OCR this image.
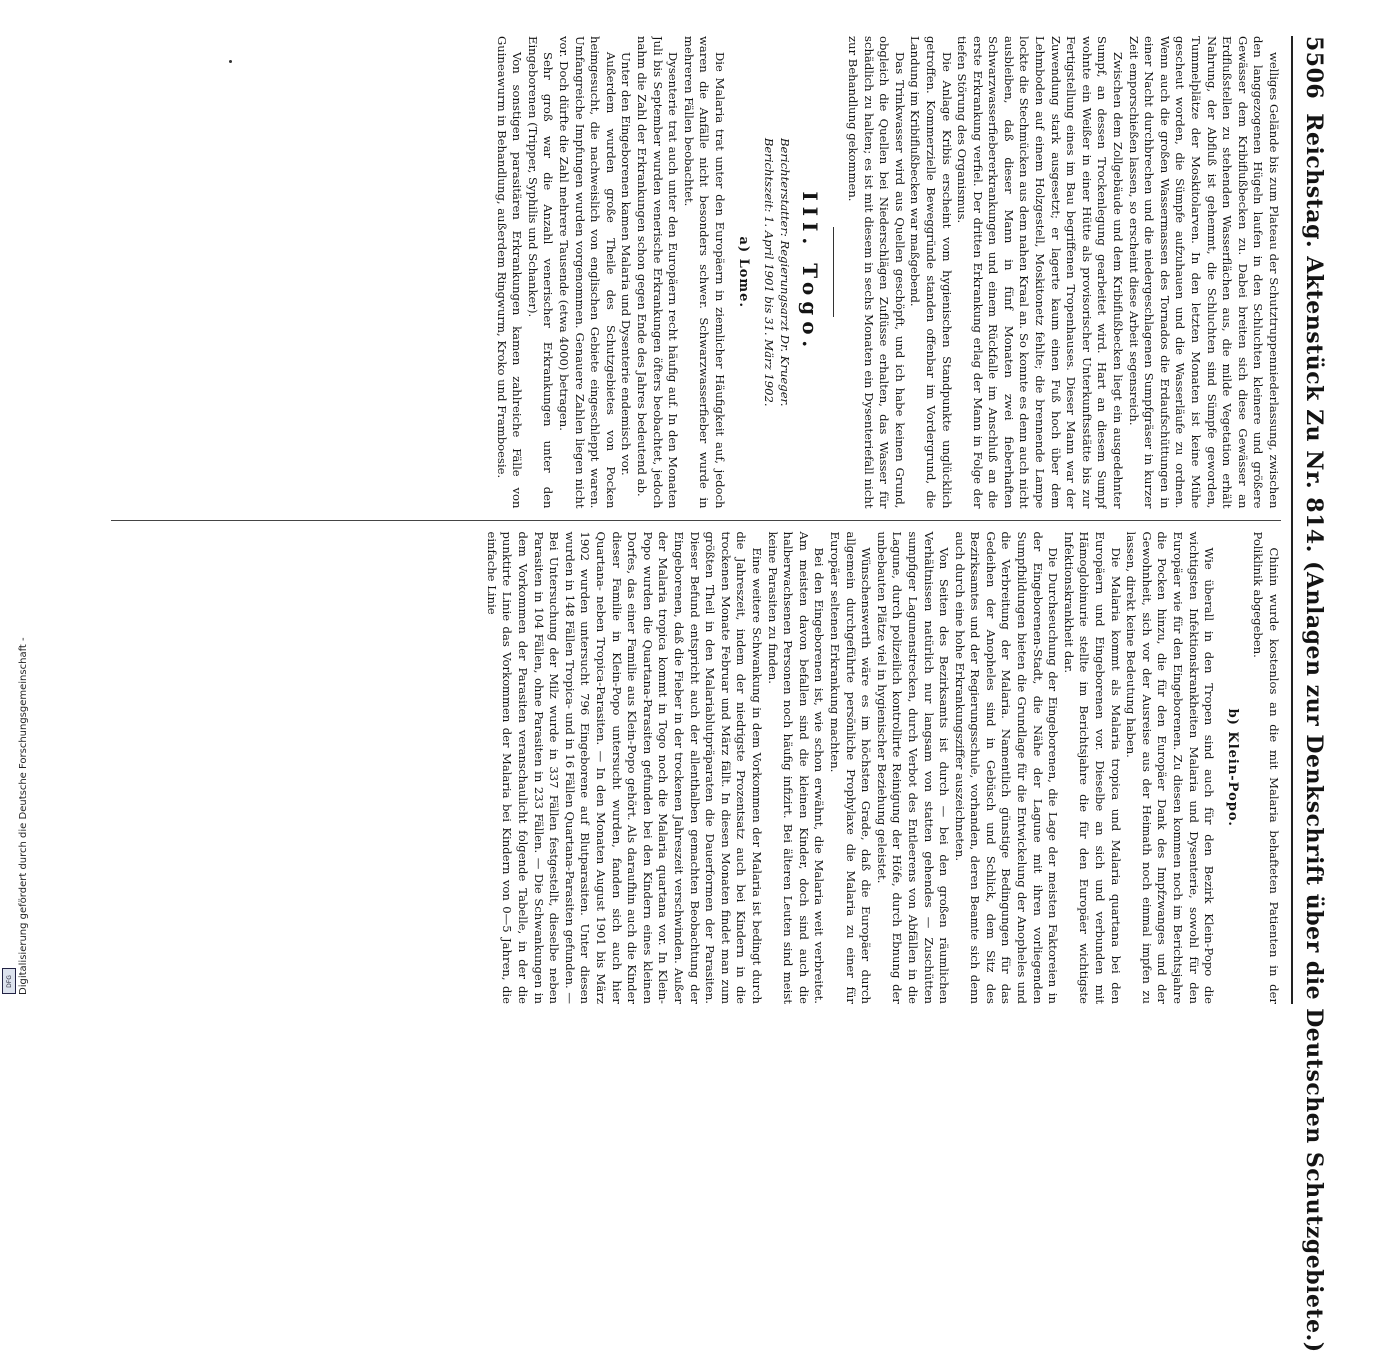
5506
Reichstag. Aktenstück Zu Nr. 814. (Anlagen zur Denkschrift über die Deutschen Schutzgebiete.)

welliges Gelände bis zum Plateau der Schutztruppenniederlassung, zwischen den langgezogenen Hügeln laufen in den Schluchten kleinere und größere Gewässer dem Kribiflußbecken zu. Dabei breiten sich diese Gewässer an Erdflußstellen zu stehenden Wasserflächen aus, die milde Vegetation erhält Nahrung, der Abfluß ist gehemmt, die Schluchten sind Sümpfe geworden, Tummelplätze der Moskitolarven. In den letzten Monaten ist keine Mühe gescheut worden, die Sümpfe aufzuhauen und die Wasserläufe zu ordnen. Wenn auch die großen Wassermassen des Tornados die Erdaufschüttungen in einer Nacht durchbrechen und die niedergeschlagenen Sumpfgräser in kurzer Zeit emporschießen lassen, so erscheint diese Arbeit segensreich.

Zwischen dem Zollgebäude und dem Kribiflußbecken liegt ein ausgedehnter Sumpf, an dessen Trockenlegung gearbeitet wird. Hart an diesem Sumpf wohnte ein Weißer in einer Hütte als provisorischer Unterkunftsstätte bis zur Fertigstellung eines im Bau begriffenen Tropenhauses. Dieser Mann war der Zuwendung stark ausgesetzt; er lagerte kaum einen Fuß hoch über dem Lehmboden auf einem Holzgestell, Moskitonetz fehlte; die brennende Lampe lockte die Stechmücken aus dem nahen Kraal an. So konnte es denn auch nicht ausbleiben, daß dieser Mann in fünf Monaten zwei fieberhaften Schwarzwasserfiebererkrankungen und einem Rückfalle im Anschluß an die erste Erkrankung verfiel. Der dritten Erkrankung erlag der Mann in Folge der tiefen Störung des Organismus.

Die Anlage Kribis erscheint vom hygienischen Standpunkte unglücklich getroffen. Kommerzielle Beweggründe standen offenbar im Vordergrund, die Landung im Kribiflußbecken war maßgebend.

Das Trinkwasser wird aus Quellen geschöpft, und ich habe keinen Grund, obgleich die Quellen bei Niederschlägen Zuflüsse erhalten, das Wasser für schädlich zu halten; es ist mit diesem in sechs Monaten ein Dysenteriefall nicht zur Behandlung gekommen.

III. Togo.

Berichterstatter: Regierungsarzt Dr. Krueger.

Berichtszeit: 1. April 1901 bis 31. März 1902.

a) Lome.

Die Malaria trat unter den Europäern in ziemlicher Häufigkeit auf, jedoch waren die Anfälle nicht besonders schwer. Schwarzwasserfieber wurde in mehreren Fällen beobachtet.

Dysenterie trat auch unter den Europäern recht häufig auf. In den Monaten Juli bis September wurden venerische Erkrankungen öfters beobachtet, jedoch nahm die Zahl der Erkrankungen schon gegen Ende des Jahres bedeutend ab.

Unter den Eingeborenen kamen Malaria und Dysenterie endemisch vor.

Außerdem wurden große Theile des Schutzgebietes von Pocken heimgesucht, die nachweislich von englischen Gebiete eingeschleppt waren. Umfangreiche Impfungen wurden vorgenommen. Genauere Zahlen liegen nicht vor. Doch dürfte die Zahl mehrere Tausende (etwa 4000) betragen.

Sehr groß war die Anzahl venerischer Erkrankungen unter den Eingeborenen (Tripper, Syphilis und Schanker).

Von sonstigen parasitären Erkrankungen kamen zahlreiche Fälle von Guineawurm in Behandlung, außerdem Ringwurm, Kroko und Framboesie.

Chinin wurde kostenlos an die mit Malaria behafteten Patienten in der Poliklinik abgegeben.

b) Klein-Popo.

Wie überall in den Tropen sind auch für den Bezirk Klein-Popo die wichtigsten Infektionskrankheiten Malaria und Dysenterie, sowohl für den Europäer wie für den Eingeborenen. Zu diesen kommen noch im Berichtsjahre die Pocken hinzu, die für den Europäer Dank des Impfzwanges und der Gewohnheit, sich vor der Ausreise aus der Heimath noch einmal impfen zu lassen, direkt keine Bedeutung haben.

Die Malaria kommt als Malaria tropica und Malaria quartana bei den Europäern und Eingeborenen vor. Dieselbe an sich und verbunden mit Hämoglobinurie stellte im Berichtsjahre die für den Europäer wichtigste Infektionskrankheit dar.

Die Durchseuchung der Eingeborenen, die Lage der meisten Faktoreien in der Eingeborenen-Stadt, die Nähe der Lagune mit ihren vorliegenden Sumpfbildungen bieten die Grundlage für die Entwickelung der Anopheles und die Verbreitung der Malaria. Namentlich günstige Bedingungen für das Gedeihen der Anopheles sind in Gebüsch und Schlick, dem Sitz des Bezirksamtes und der Regierungsschule, vorhanden, deren Beamte sich denn auch durch eine hohe Erkrankungsziffer auszeichneten.

Von Seiten des Bezirksamts ist durch — bei den großen räumlichen Verhältnissen natürlich nur langsam von statten gehendes — Zuschütten sumpfiger Lagunenstrecken, durch Verbot des Entleerens von Abfällen in die Lagune, durch polizeilich kontrollirte Reinigung der Höfe, durch Ebnung der unbebauten Plätze viel in hygienischer Beziehung geleistet.

Wünschenswerth wäre es im höchsten Grade, daß die Europäer durch allgemein durchgeführte persönliche Prophylaxe die Malaria zu einer für Europäer seltenen Erkrankung machten.

Bei den Eingeborenen ist, wie schon erwähnt, die Malaria weit verbreitet. Am meisten davon befallen sind die kleinen Kinder, doch sind auch die halberwachsenen Personen noch häufig infizirt. Bei älteren Leuten sind meist keine Parasiten zu finden.

Eine weitere Schwankung in dem Vorkommen der Malaria ist bedingt durch die Jahreszeit, indem der niedrigste Prozentsatz auch bei Kindern in die trockenen Monate Februar und März fällt. In diesen Monaten findet man zum größten Theil in den Malariablutpräparaten die Dauerformen der Parasiten. Dieser Befund entspricht auch der allenthalben gemachten Beobachtung der Eingeborenen, daß die Fieber in der trockenen Jahreszeit verschwinden. Außer der Malaria tropica kommt in Togo noch die Malaria quartana vor. In Klein-Popo wurden die Quartana-Parasiten gefunden bei den Kindern eines kleinen Dorfes, das einer Familie aus Klein-Popo gehört. Als daraufhin auch die Kinder dieser Familie in Klein-Popo untersucht wurden, fanden sich auch hier Quartana- neben Tropica-Parasiten. — In den Monaten August 1901 bis März 1902 wurden untersucht 796 Eingeborene auf Blutparasiten. Unter diesen wurden in 148 Fällen Tropica- und in 16 Fällen Quartana-Parasiten gefunden. — Bei Untersuchung der Milz wurde in 337 Fällen festgestellt, dieselbe neben Parasiten in 104 Fällen, ohne Parasiten in 233 Fällen. — Die Schwankungen in dem Vorkommen der Parasiten veranschaulicht folgende Tabelle, in der die punktirte Linie das Vorkommen der Malaria bei Kindern von 0—5 Jahren, die einfache Linie

Digitalisierung gefördert durch die Deutsche Forschungsgemeinschaft -
DFG
